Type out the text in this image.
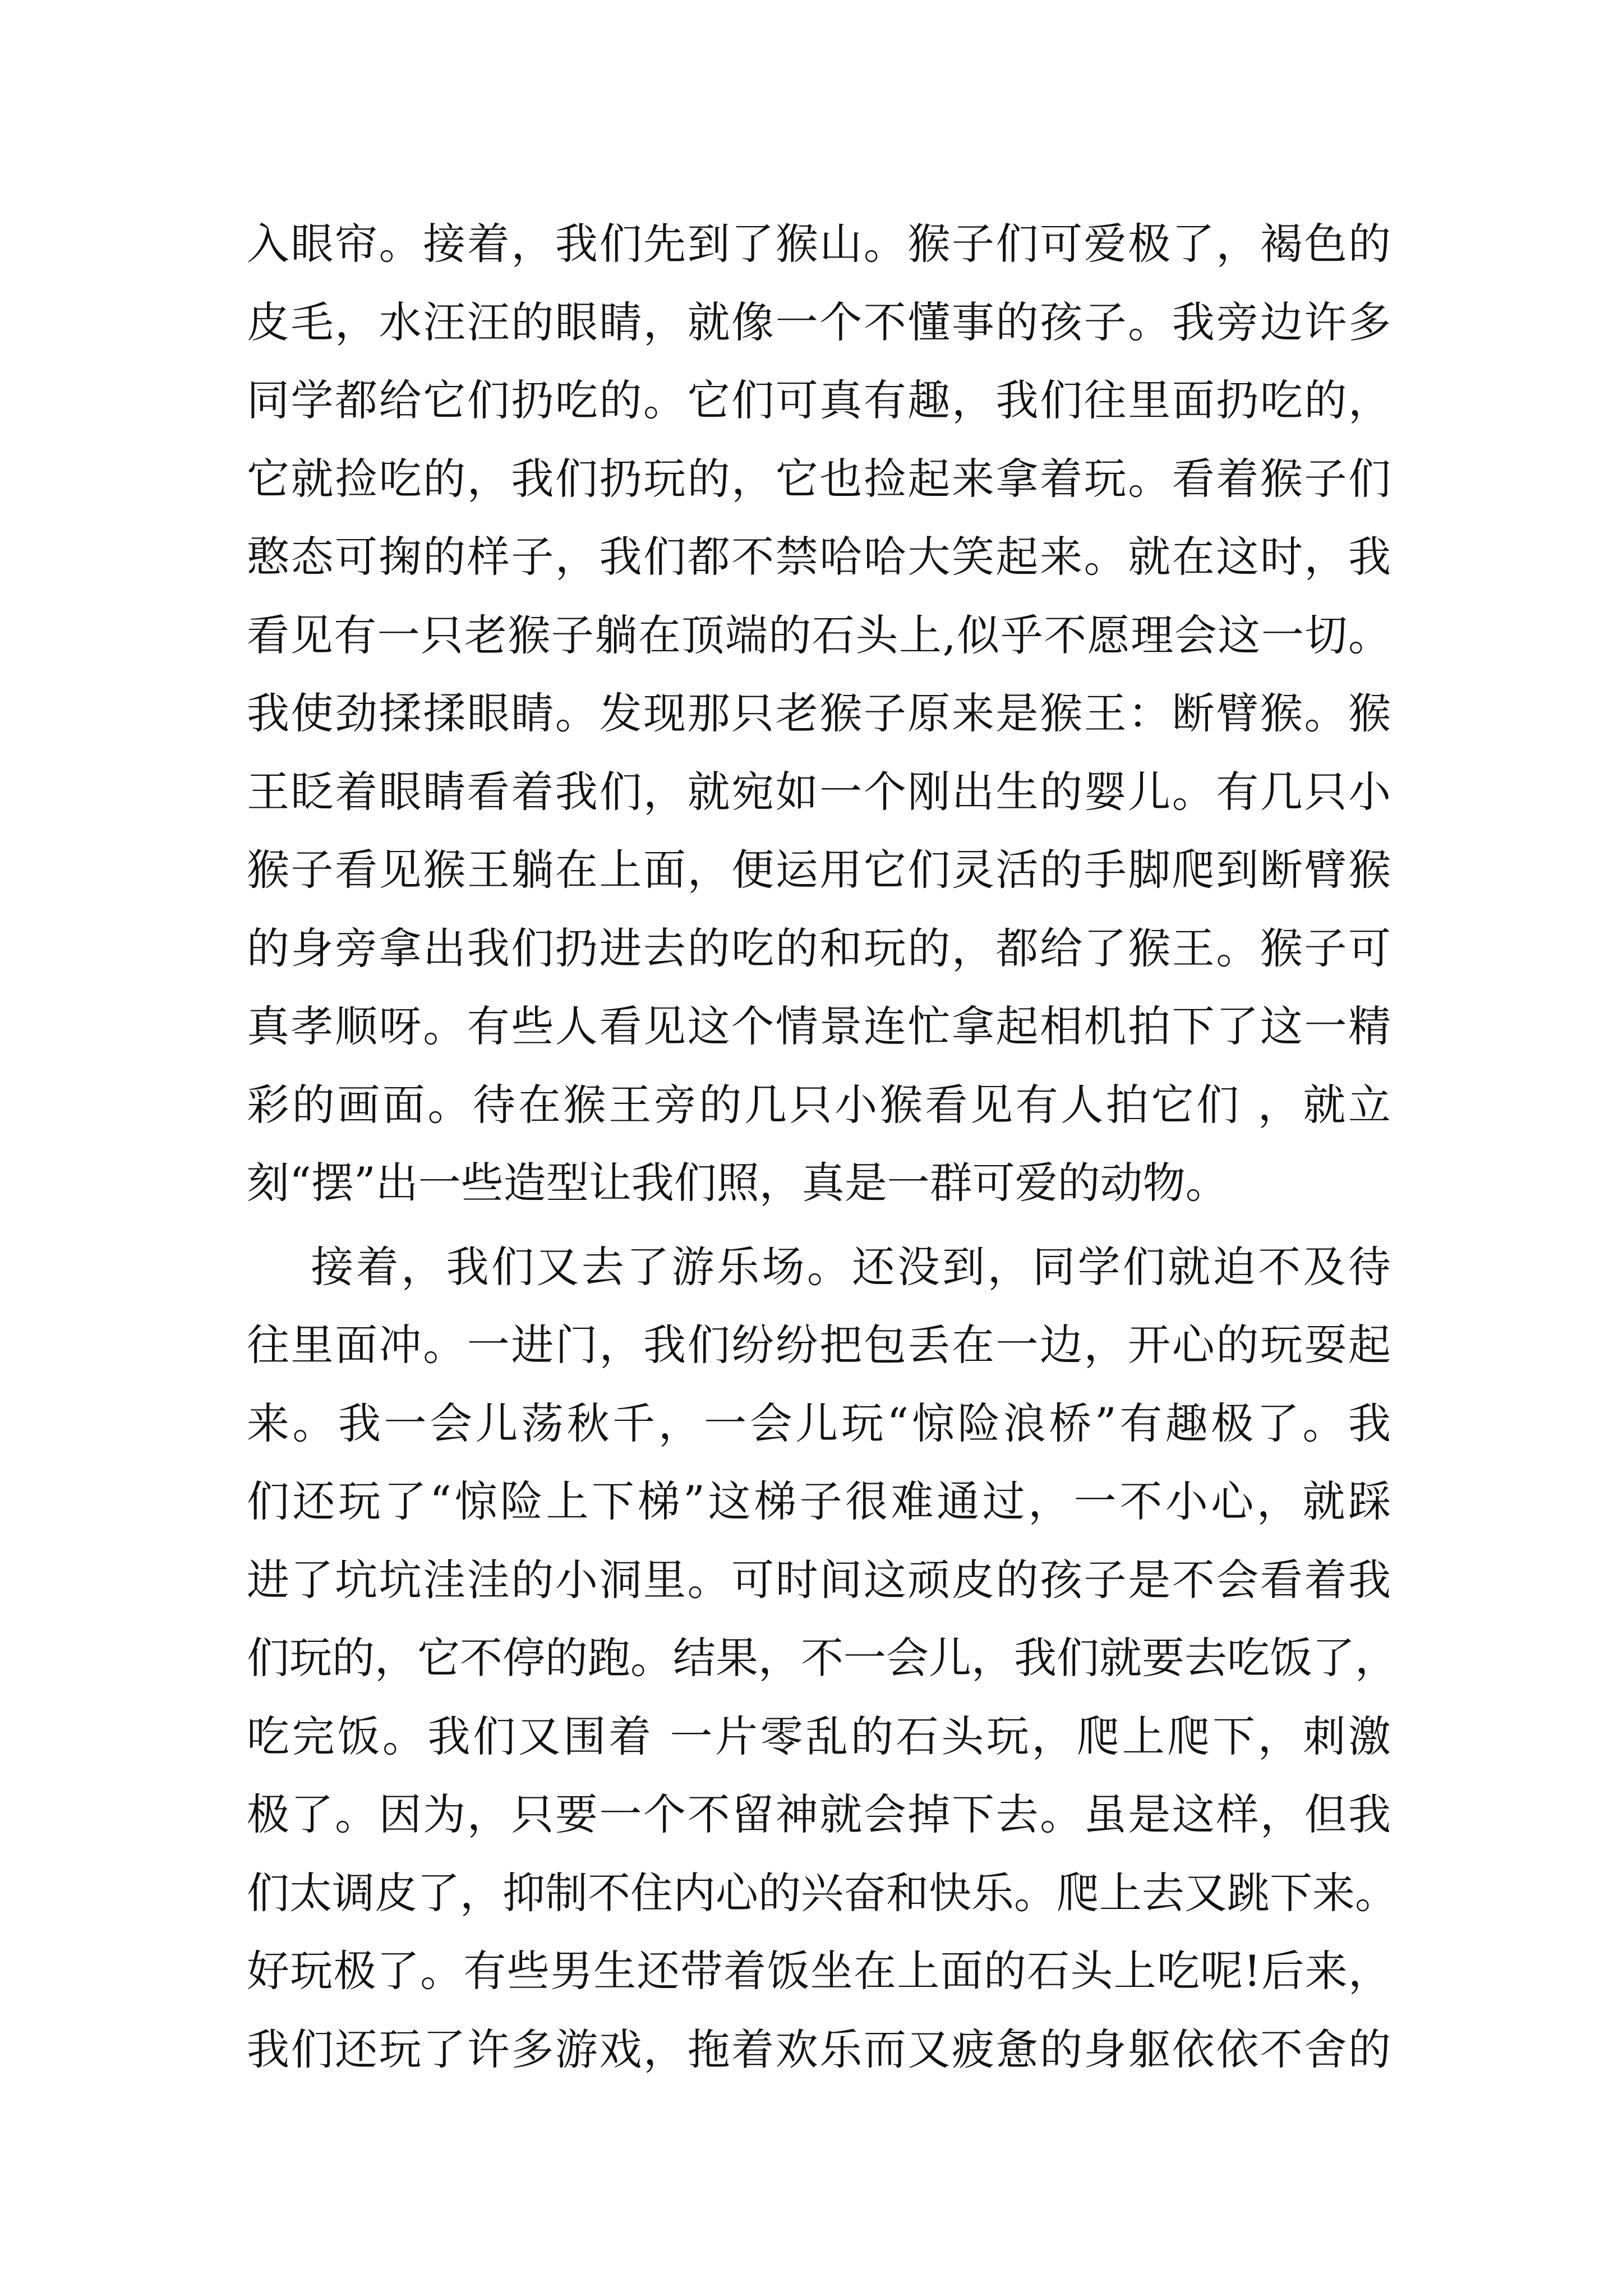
入眼帘。接着，我们先到了猴山。猴子们可爱极了，褐色的
皮毛，水汪汪的眼睛，就像一个不懂事的孩子。我旁边许多
同学都给它们扔吃的。它们可真有趣，我们往里面扔吃的，
它就捡吃的，我们扔玩的，它也捡起来拿着玩。看着猴子们
憨态可掬的样子，我们都不禁哈哈大笑起来。就在这时，我
看见有一只老猴子躺在顶端的石头上,似乎不愿理会这一切。
我使劲揉揉眼睛。发现那只老猴子原来是猴王：断臂猴。猴
王眨着眼睛看着我们，就宛如一个刚出生的婴儿。有几只小
猴子看见猴王躺在上面，便运用它们灵活的手脚爬到断臂猴
的身旁拿出我们扔进去的吃的和玩的，都给了猴王。猴子可
真孝顺呀。有些人看见这个情景连忙拿起相机拍下了这一精
彩的画面。待在猴王旁的几只小猴看见有人拍它们 ，就立
刻“摆”出一些造型让我们照，真是一群可爱的动物。
接着，我们又去了游乐场。还没到，同学们就迫不及待
往里面冲。一进门，我们纷纷把包丢在一边，开心的玩耍起
来。我一会儿荡秋千，一会儿玩“惊险浪桥”有趣极了。我
们还玩了“惊险上下梯”这梯子很难通过，一不小心，就踩
进了坑坑洼洼的小洞里。可时间这顽皮的孩子是不会看着我
们玩的，它不停的跑。结果，不一会儿，我们就要去吃饭了，
吃完饭。我们又围着 一片零乱的石头玩，爬上爬下，刺激
极了。因为，只要一个不留神就会掉下去。虽是这样，但我
们太调皮了，抑制不住内心的兴奋和快乐。爬上去又跳下来。
好玩极了。有些男生还带着饭坐在上面的石头上吃呢!后来，
我们还玩了许多游戏，拖着欢乐而又疲惫的身躯依依不舍的
